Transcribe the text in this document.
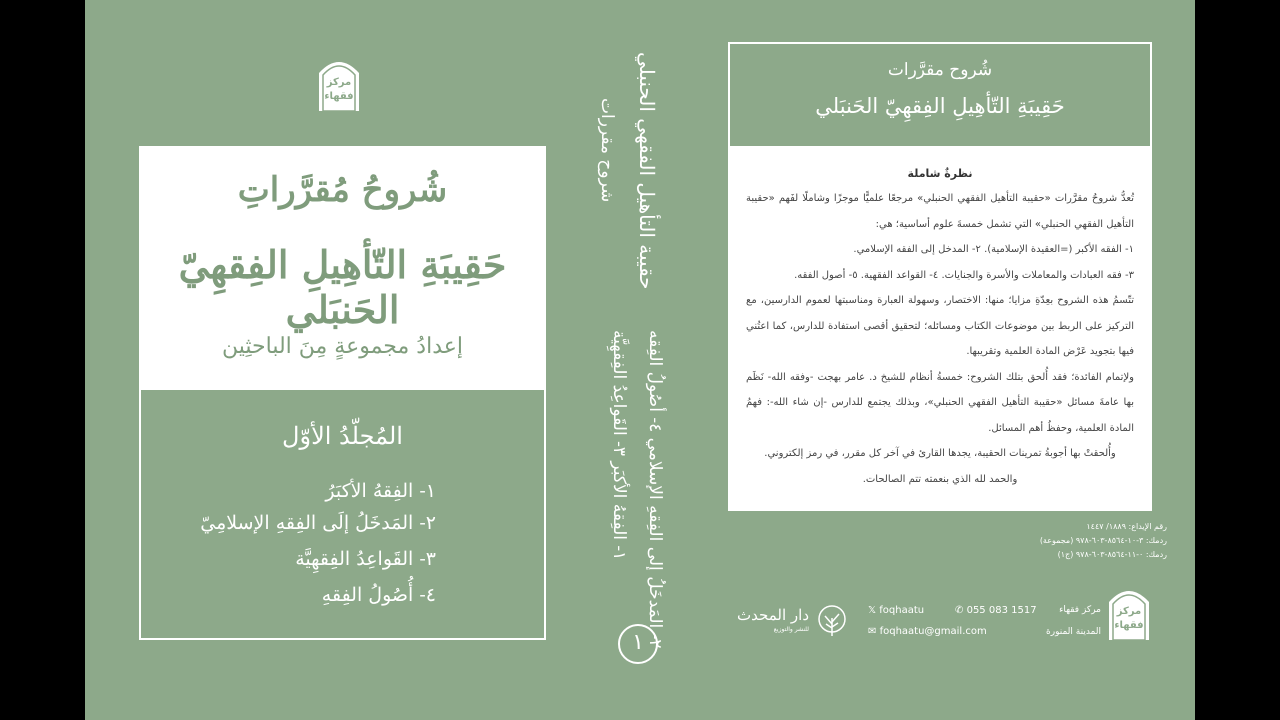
مركز
فقهاء
شُروحُ مُقرَّراتِ
حَقِيبَةِ التّأهِيلِ الفِقهِيّ الحَنبَلي
إعدادُ مجموعةٍ مِنَ الباحثِين
المُجلّدُ الأوّل
١- الفِقهُ الأكبَرُ
٢- المَدخَلُ إلَى الفِقهِ الإسلامِيّ
٣- القَواعِدُ الفِقهِيَّة
٤- أُصُولُ الفِقهِ
شروح مقررات حقيبة التأهيل الفقهي الحنبلي
١- الفِقهُ الأكبَر ٣- القَواعِدُ الفِقهِيَّة
٢- المَدخَلُ إلى الفِقهِ الإسلامي ٤- أصُولُ الفِقه
١
شُروح مقرَّرات
حَقِيبَةِ التّأهِيلِ الفِقهِيّ الحَنبَلي
نظرةٌ شاملة

تُعدُّ شروحُ مقرَّرات «حقيبة التأهيل الفقهي الحنبلي» مرجعًا علميًّا موجزًا وشاملًا لفَهم «حقيبة التأهيل الفقهي الحنبلي» التي تشمل خمسةَ علوم أساسية؛ هي:

١- الفقه الأكبر (=العقيدة الإسلامية). ٢- المدخل إلى الفقه الإسلامي.

٣- فقه العبادات والمعاملات والأسرة والجنايات. ٤- القواعد الفقهية. ٥- أصول الفقه.

تتّسمُ هذه الشروح بعِدّةِ مزايا؛ منها: الاختصار، وسهولة العبارة ومناسبتها لعموم الدارسين، مع التركيز على الربط بين موضوعات الكتاب ومسائله؛ لتحقيق أقصى استفادة للدارس، كما اعتُني فيها بتجويد عَرْض المادة العلمية وتقريبها.

ولإتمام الفائدة؛ فقد أُلحق بتلك الشروح: خمسةُ أنظام للشيخ د. عامر بهجت -وفقه الله- نَظَم بها عامةَ مسائل «حقيبة التأهيل الفقهي الحنبلي»، وبذلك يجتمع للدارس -إن شاء الله-: فهمُ المادة العلمية، وحفظُ أهم المسائل.

وأُلحقتْ بها أجوبةُ تمرينات الحقيبة، يجدها القارئ في آخر كل مقرر، في رمز إلكتروني.

والحمد لله الذي بنعمته تتم الصالحات.

رقم الإيداع: ١٨٨٩/ ١٤٤٧
ردمك: ٣-١٠-٨٥٦٤-٦٠٣-٩٧٨ (مجموعة)
ردمك: ٠-١١-٨٥٦٤-٦٠٣-٩٧٨ (ج١)
مركز
فقهاء
مركز فقهاء
المدينة المنورة
✆ 055 083 1517
𝕏 foqhaatu
✉ foqhaatu@gmail.com
دار المحدث
للنشر والتوزيع
